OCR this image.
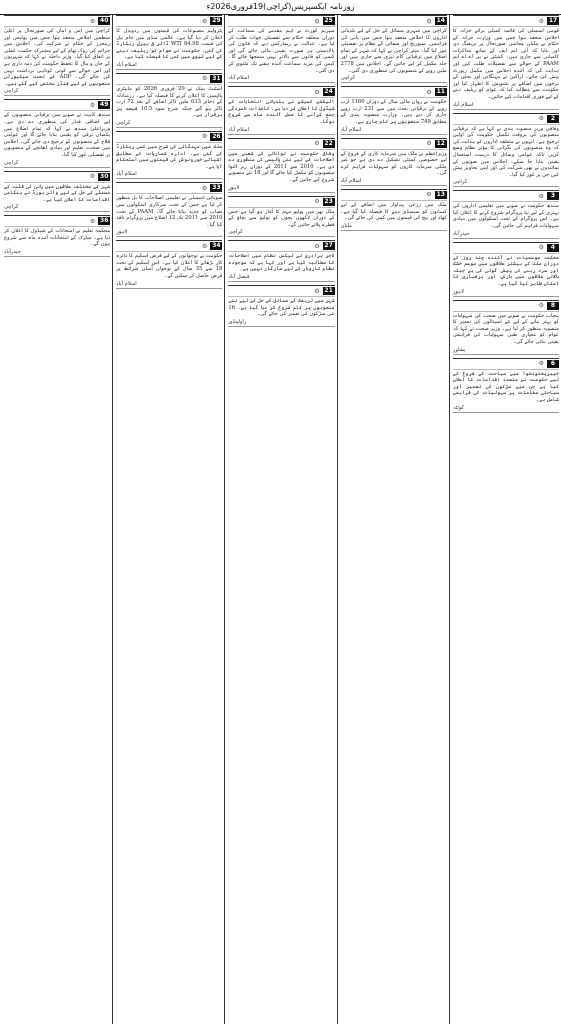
روزنامہ ایکسپریس(کراچی)19فروری2026ء
17
⚙
قومی اسمبلی کی قائمہ کمیٹی برائے خزانہ کا اجلاس منعقد ہوا جس میں وزارت خزانہ کے حکام نے ملکی معاشی صورتحال پر بریفنگ دی اور بتایا کہ آئی ایم ایف کے ساتھ مذاکرات کامیابی سے جاری ہیں۔ کمیٹی نے پی اے اے ایم PAAM کے حوالے سے تفصیلات طلب کیں اور ہدایت کی کہ آئندہ اجلاس میں مکمل رپورٹ پیش کی جائے۔ اراکین نے مہنگائی اور بجلی کے نرخوں میں اضافے پر تشویش کا اظہار کیا اور حکومت سے مطالبہ کیا کہ عوام کو ریلیف دینے کے لیے فوری اقدامات کیے جائیں۔
اسلام آباد
2
⚙
وفاقی وزیر منصوبہ بندی نے کہا ہے کہ ترقیاتی منصوبوں کی بروقت تکمیل حکومت کی اولین ترجیح ہے۔ انہوں نے متعلقہ اداروں کو ہدایت کی کہ وہ منصوبوں کی نگرانی کا مؤثر نظام وضع کریں تاکہ عوامی وسائل کا درست استعمال یقینی بنایا جا سکے۔ اجلاس میں صوبوں کے نمائندوں نے بھی شرکت کی اور اپنی تجاویز پیش کیں جن پر غور کیا گیا۔
کراچی
3
⚙
سندھ حکومت نے صوبے میں تعلیمی اداروں کی بہتری کے لیے نیا پروگرام شروع کرنے کا اعلان کیا ہے۔ اس پروگرام کے تحت اسکولوں میں بنیادی سہولیات فراہم کی جائیں گی۔
حیدرآباد
4
⚙
محکمہ موسمیات نے آئندہ چند روز کے دوران ملک کے بیشتر علاقوں میں موسم خشک اور سرد رہنے کی پیش گوئی کی ہے جبکہ بالائی علاقوں میں بارش اور برفباری کا امکان ظاہر کیا گیا ہے۔
لاہور
8
⚙
پنجاب حکومت نے صوبے میں صحت کی سہولیات کو بہتر بنانے کے لیے نئے اسپتالوں کی تعمیر کا منصوبہ منظور کر لیا ہے۔ وزیر صحت نے کہا کہ عوام کو معیاری طبی سہولیات کی فراہمی یقینی بنائی جائے گی۔
پشاور
6
⚙
خیبرپختونخوا میں سیاحت کے فروغ کے لیے حکومت نے متعدد اقدامات کا اعلان کیا ہے جن میں سڑکوں کی تعمیر اور سیاحتی مقامات پر سہولیات کی فراہمی شامل ہے۔
کوئٹہ
14
⚙
کراچی میں شہری مسائل کے حل کے لیے بلدیاتی اداروں کا اجلاس منعقد ہوا جس میں پانی کی فراہمی، سیوریج اور صفائی کے نظام پر تفصیلی غور کیا گیا۔ میئر کراچی نے کہا کہ شہر کے تمام اضلاع میں ترقیاتی کام تیزی سے جاری ہیں اور جلد مکمل کر لیے جائیں گے۔ اجلاس میں 2778 ملین روپے کے منصوبوں کی منظوری دی گئی۔
کراچی
11
⚙
حکومت نے رواں مالی سال کے دوران 1180 ارب روپے کے ترقیاتی بجٹ میں سے 231 ارب روپے جاری کر دیے ہیں۔ وزارت منصوبہ بندی کے مطابق 749 منصوبوں پر کام جاری ہے۔
اسلام آباد
12
⚙
وزیراعظم نے ملک میں سرمایہ کاری کے فروغ کے لیے خصوصی کمیٹی تشکیل دے دی ہے جو غیر ملکی سرمایہ کاروں کو سہولیات فراہم کرے گی۔
اسلام آباد
13
⚙
ملک میں زرعی پیداوار میں اضافے کے لیے کسانوں کو سبسڈی دینے کا فیصلہ کیا گیا ہے۔ کھاد اور بیج کی قیمتوں میں کمی کی جائے گی۔
ملتان
25
⚙
سپریم کورٹ نے اہم مقدمے کی سماعت کے دوران متعلقہ حکام سے تفصیلی جواب طلب کر لیا ہے۔ عدالت نے ریمارکس دیے کہ قانون کی بالادستی ہر صورت یقینی بنائی جائے گی اور کسی کو قانون سے بالاتر نہیں سمجھا جائے گا۔ کیس کی مزید سماعت آئندہ ہفتے تک ملتوی کر دی گئی۔
اسلام آباد
24
⚙
الیکشن کمیشن نے بلدیاتی انتخابات کے شیڈول کا اعلان کر دیا ہے۔ کاغذات نامزدگی جمع کرانے کا عمل آئندہ ماہ سے شروع ہوگا۔
اسلام آباد
22
⚙
وفاقی حکومت نے توانائی کے شعبے میں اصلاحات کے لیے نئی پالیسی کی منظوری دے دی ہے۔ 2010 سے 2011 کے دوران زیر التوا منصوبوں کو مکمل کیا جائے گا اور 18 نئے منصوبے شروع کیے جائیں گے۔
لاہور
23
⚙
ملک بھر میں پولیو مہم کا آغاز ہو گیا ہے جس کے دوران لاکھوں بچوں کو پولیو سے بچاؤ کے قطرے پلائے جائیں گے۔
کراچی
27
⚙
تاجر برادری نے ٹیکس نظام میں اصلاحات کا مطالبہ کیا ہے اور کہا ہے کہ موجودہ نظام کاروبار کے لیے سازگار نہیں ہے۔
فیصل آباد
21
⚙
شہر میں ٹریفک کے مسائل کے حل کے لیے نئے منصوبوں پر کام شروع کر دیا گیا ہے۔ 16 نئی سڑکوں کی تعمیر کی جائے گی۔
راولپنڈی
29
⚙
پٹرولیم مصنوعات کی قیمتوں میں ردوبدل کا اعلان کر دیا گیا ہے۔ عالمی منڈی میں خام تیل کی قیمت WTI 84.98 ڈالر فی بیرل ریکارڈ کی گئی۔ حکومت نے عوام کو ریلیف دینے کے لیے لیوی میں کمی کا فیصلہ کیا ہے۔
اسلام آباد
31
⚙
اسٹیٹ بینک نے 20 فروری 2026 کو مانیٹری پالیسی کا اعلان کرنے کا فیصلہ کیا ہے۔ زرمبادلہ کے ذخائر 633 ملین ڈالر اضافے کے بعد 72 ارب ڈالر ہو گئے جبکہ شرح سود 10.5 فیصد پر برقرار ہے۔
کراچی
26
⚙
ملک میں مہنگائی کی شرح میں کمی ریکارڈ کی گئی ہے۔ ادارہ شماریات کے مطابق اشیائے خورونوش کی قیمتوں میں استحکام آیا ہے۔
اسلام آباد
33
⚙
صوبائی اسمبلی نے تعلیمی اصلاحات کا بل منظور کر لیا ہے جس کے تحت سرکاری اسکولوں میں نصاب کو جدید بنایا جائے گا۔ PAAM کے تحت 2010 سے 2011 تک 12 اضلاع میں پروگرام نافذ کیا گیا۔
لاہور
34
⚙
حکومت نے نوجوانوں کے لیے قرض اسکیم کا دائرہ کار بڑھانے کا اعلان کیا ہے۔ اس اسکیم کے تحت 18 سے 35 سال کے نوجوان آسان شرائط پر قرض حاصل کر سکیں گے۔
اسلام آباد
40
⚙
کراچی میں امن و امان کی صورتحال پر اعلیٰ سطحی اجلاس منعقد ہوا جس میں پولیس اور رینجرز کے حکام نے شرکت کی۔ اجلاس میں جرائم کی روک تھام کے لیے مشترکہ حکمت عملی پر اتفاق کیا گیا۔ وزیر داخلہ نے کہا کہ شہریوں کے جان و مال کا تحفظ حکومت کی ذمہ داری ہے اور اس حوالے سے کوئی کوتاہی برداشت نہیں کی جائے گی۔ ADP کے تحت سیکیورٹی منصوبوں کے لیے فنڈز مختص کیے گئے ہیں۔
کراچی
49
⚙
سندھ کابینہ نے صوبے میں ترقیاتی منصوبوں کے لیے اضافی فنڈز کی منظوری دے دی ہے۔ وزیراعلیٰ سندھ نے کہا کہ تمام اضلاع میں یکساں ترقی کو یقینی بنایا جائے گا اور عوامی فلاح کے منصوبوں کو ترجیح دی جائے گی۔ اجلاس میں صحت، تعلیم اور بنیادی ڈھانچے کے منصوبوں پر تفصیلی غور کیا گیا۔
کراچی
30
⚙
شہر کے مختلف علاقوں میں پانی کی قلت کے مسئلے کے حل کے لیے واٹر بورڈ نے ہنگامی اقدامات کا اعلان کیا ہے۔
کراچی
36
⚙
محکمہ تعلیم نے امتحانات کے شیڈول کا اعلان کر دیا ہے۔ میٹرک کے امتحانات آئندہ ماہ سے شروع ہوں گے۔
حیدرآباد
